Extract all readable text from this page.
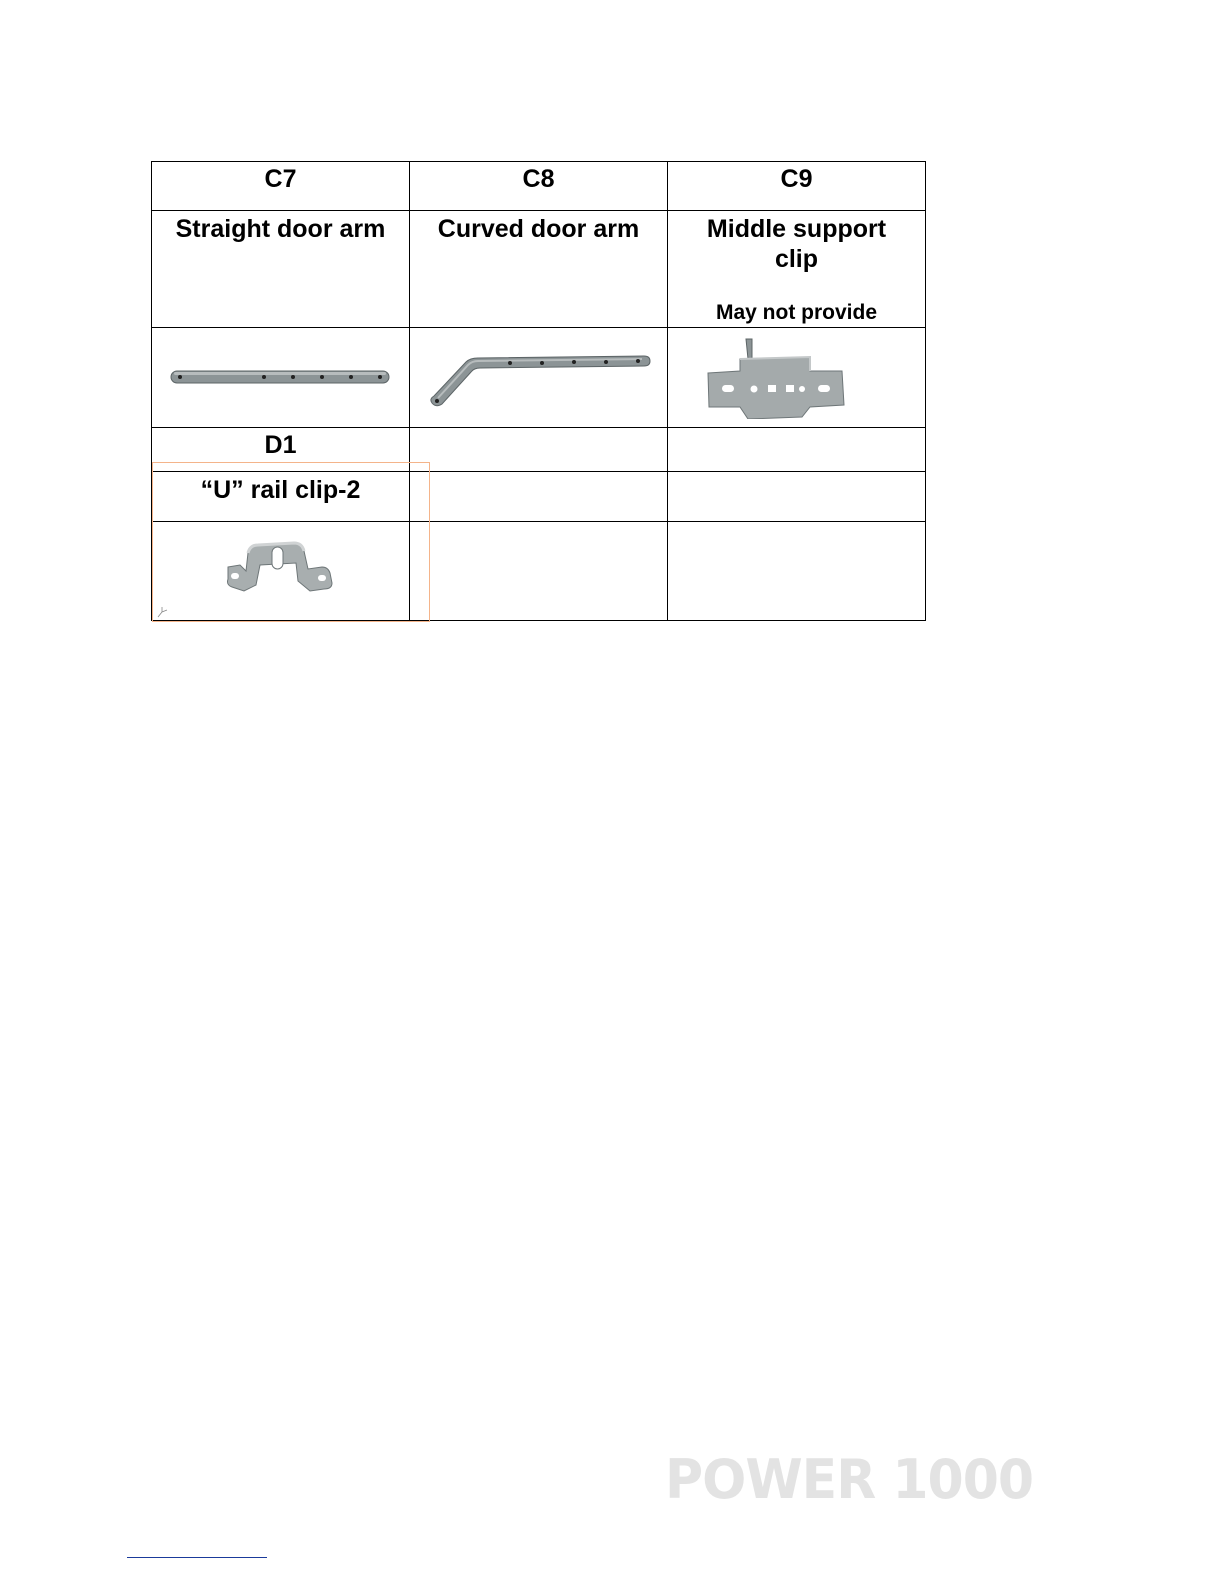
C7	C8	C9

Straight door arm	Curved door arm	Middle support clip
May not provide

D1		

“U” rail clip-2		

POWER 1000
